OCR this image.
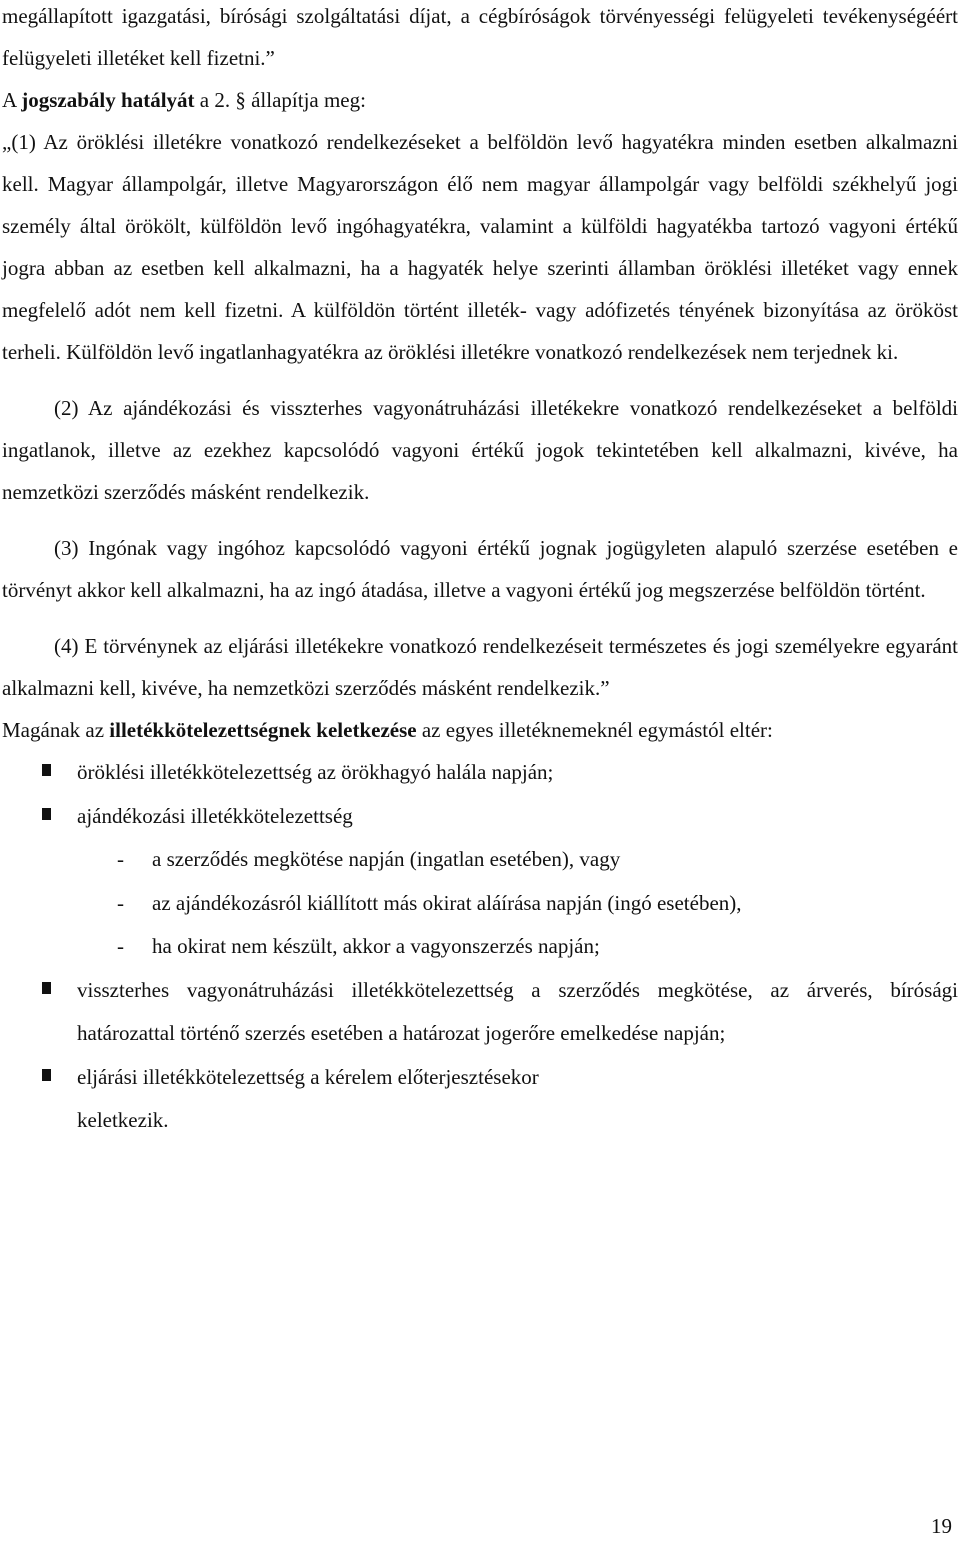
megállapított igazgatási, bírósági szolgáltatási díjat, a cégbíróságok törvényességi felügyeleti tevékenységéért felügyeleti illetéket kell fizetni.”

A jogszabály hatályát a 2. § állapítja meg:

„(1) Az öröklési illetékre vonatkozó rendelkezéseket a belföldön levő hagyatékra minden esetben alkalmazni kell. Magyar állampolgár, illetve Magyarországon élő nem magyar állampolgár vagy belföldi székhelyű jogi személy által örökölt, külföldön levő ingóhagyatékra, valamint a külföldi hagyatékba tartozó vagyoni értékű jogra abban az esetben kell alkalmazni, ha a hagyaték helye szerinti államban öröklési illetéket vagy ennek megfelelő adót nem kell fizetni. A külföldön történt illeték- vagy adófizetés tényének bizonyítása az örököst terheli. Külföldön levő ingatlanhagyatékra az öröklési illetékre vonatkozó rendelkezések nem terjednek ki.

(2) Az ajándékozási és visszterhes vagyonátruházási illetékekre vonatkozó rendelkezéseket a belföldi ingatlanok, illetve az ezekhez kapcsolódó vagyoni értékű jogok tekintetében kell alkalmazni, kivéve, ha nemzetközi szerződés másként rendelkezik.

(3) Ingónak vagy ingóhoz kapcsolódó vagyoni értékű jognak jogügyleten alapuló szerzése esetében e törvényt akkor kell alkalmazni, ha az ingó átadása, illetve a vagyoni értékű jog megszerzése belföldön történt.

(4) E törvénynek az eljárási illetékekre vonatkozó rendelkezéseit természetes és jogi személyekre egyaránt alkalmazni kell, kivéve, ha nemzetközi szerződés másként rendelkezik.”

Magának az illetékkötelezettségnek keletkezése az egyes illetéknemeknél egymástól eltér:

öröklési illetékkötelezettség az örökhagyó halála napján;
ajándékozási illetékkötelezettség
- a szerződés megkötése napján (ingatlan esetében), vagy
- az ajándékozásról kiállított más okirat aláírása napján (ingó esetében),
- ha okirat nem készült, akkor a vagyonszerzés napján;
visszterhes vagyonátruházási illetékkötelezettség a szerződés megkötése, az árverés, bírósági határozattal történő szerzés esetében a határozat jogerőre emelkedése napján;
eljárási illetékkötelezettség a kérelem előterjesztésekor
keletkezik.
19
